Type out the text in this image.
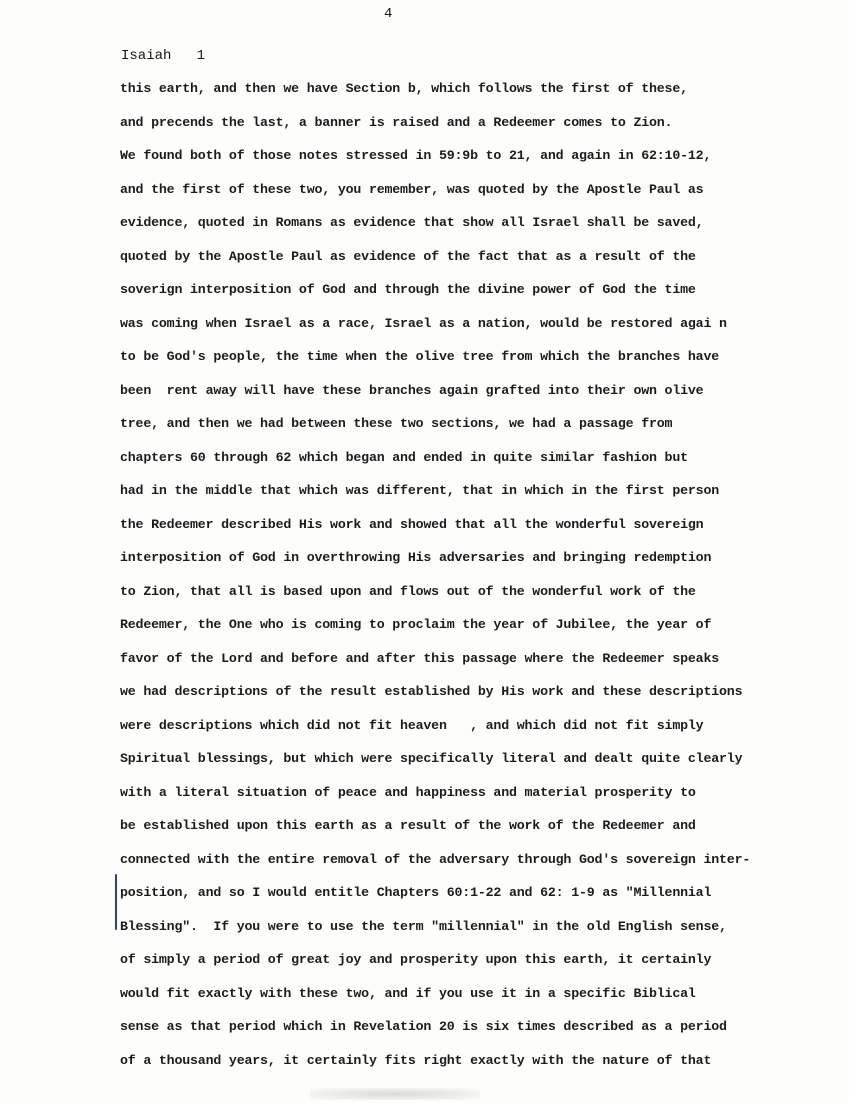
4
Isaiah   1
this earth, and then we have Section b, which follows the first of these,
and precends the last, a banner is raised and a Redeemer comes to Zion.
We found both of those notes stressed in 59:9b to 21, and again in 62:10-12,
and the first of these two, you remember, was quoted by the Apostle Paul as
evidence, quoted in Romans as evidence that show all Israel shall be saved,
quoted by the Apostle Paul as evidence of the fact that as a result of the
soverign interposition of God and through the divine power of God the time
was coming when Israel as a race, Israel as a nation, would be restored agai n
to be God's people, the time when the olive tree from which the branches have
been  rent away will have these branches again grafted into their own olive
tree, and then we had between these two sections, we had a passage from
chapters 60 through 62 which began and ended in quite similar fashion but
had in the middle that which was different, that in which in the first person
the Redeemer described His work and showed that all the wonderful sovereign
interposition of God in overthrowing His adversaries and bringing redemption
to Zion, that all is based upon and flows out of the wonderful work of the
Redeemer, the One who is coming to proclaim the year of Jubilee, the year of
favor of the Lord and before and after this passage where the Redeemer speaks
we had descriptions of the result established by His work and these descriptions
were descriptions which did not fit heaven   , and which did not fit simply
Spiritual blessings, but which were specifically literal and dealt quite clearly
with a literal situation of peace and happiness and material prosperity to
be established upon this earth as a result of the work of the Redeemer and
connected with the entire removal of the adversary through God's sovereign inter-
position, and so I would entitle Chapters 60:1-22 and 62: 1-9 as "Millennial
Blessing".  If you were to use the term "millennial" in the old English sense,
of simply a period of great joy and prosperity upon this earth, it certainly
would fit exactly with these two, and if you use it in a specific Biblical
sense as that period which in Revelation 20 is six times described as a period
of a thousand years, it certainly fits right exactly with the nature of that
